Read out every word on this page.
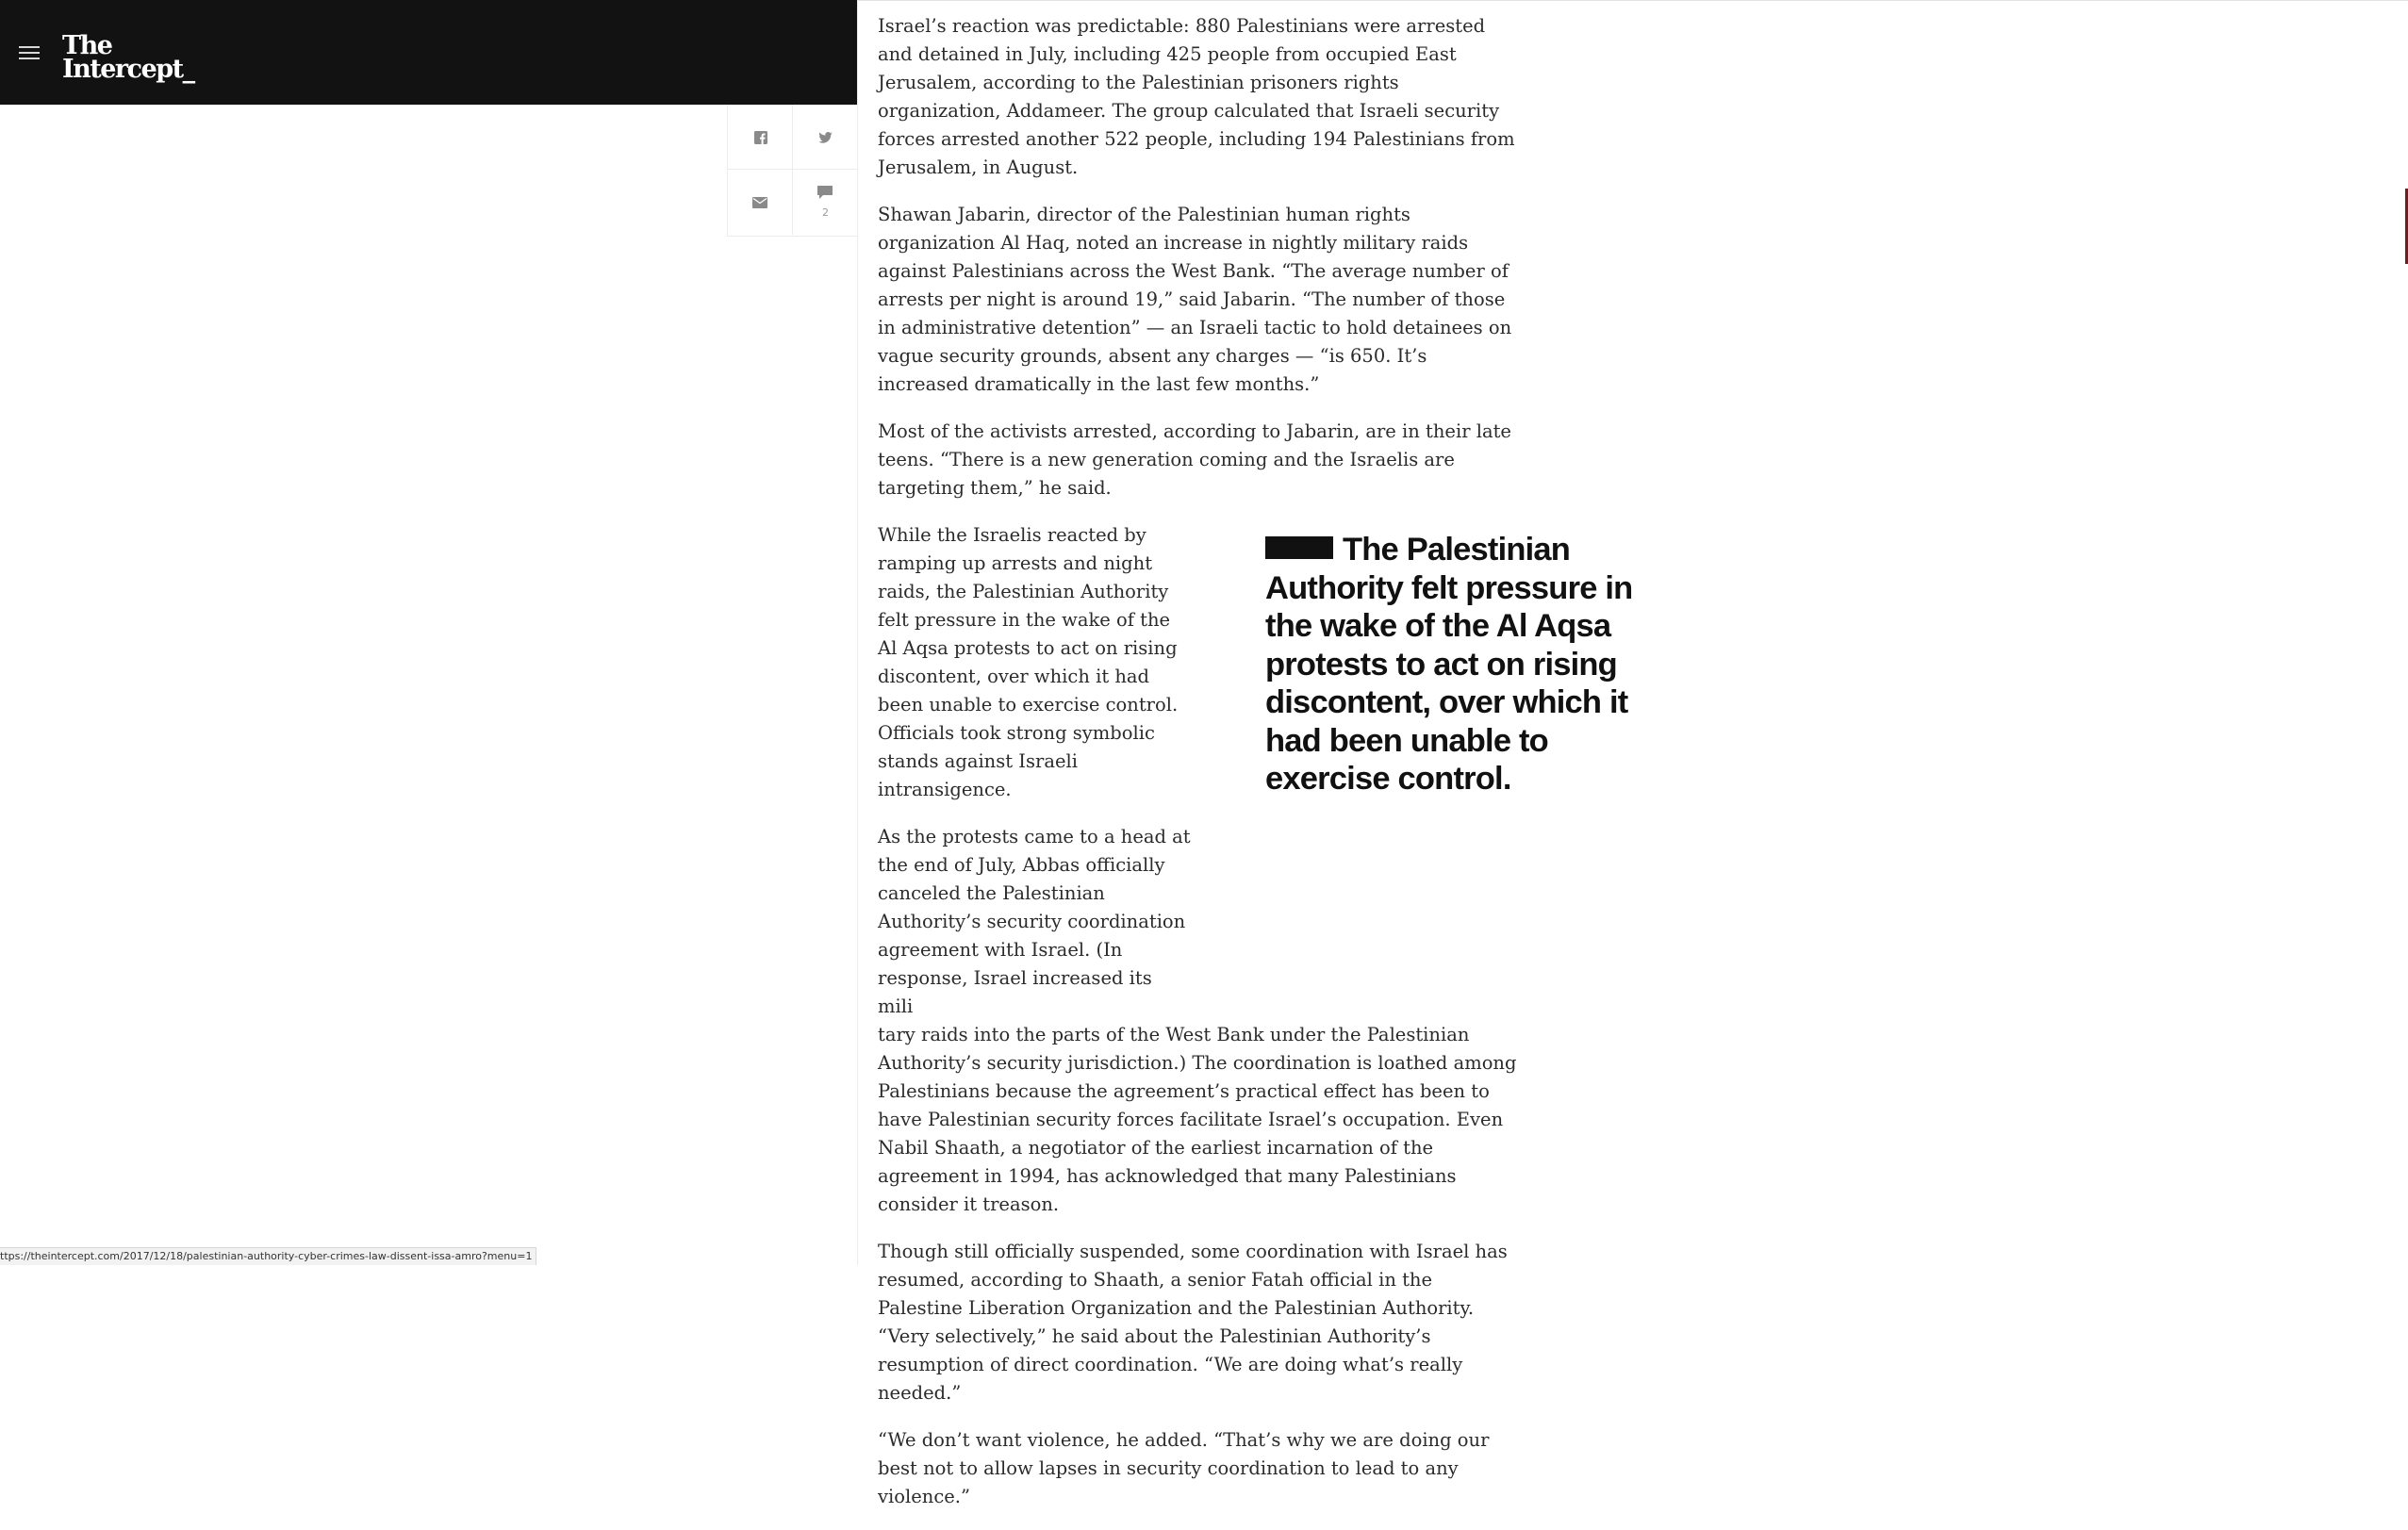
The
Intercept_
2

Israel’s reaction was predictable: 880 Palestinians were arrested and detained in July, including 425 people from occupied East Jerusalem, according to the Palestinian prisoners rights organization, Addameer. The group calculated that Israeli security forces arrested another 522 people, including 194 Palestinians from Jerusalem, in August.

Shawan Jabarin, director of the Palestinian human rights organization Al Haq, noted an increase in nightly military raids against Palestinians across the West Bank. “The average number of arrests per night is around 19,” said Jabarin. “The number of those in administrative detention” — an Israeli tactic to hold detainees on vague security grounds, absent any charges — “is 650. It’s increased dramatically in the last few months.”

Most of the activists arrested, according to Jabarin, are in their late teens. “There is a new generation coming and the Israelis are targeting them,” he said.

While the Israelis reacted by ramping up arrests and night raids, the Palestinian Authority felt pressure in the wake of the Al Aqsa protests to act on rising discontent, over which it had been unable to exercise control. Officials took strong symbolic stands against Israeli intransigence.

As the protests came to a head at the end of July, Abbas officially canceled the Palestinian Authority’s security coordination agreement with Israel. (In response, Israel increased its mili
tary raids into the parts of the West Bank under the Palestinian Authority’s security jurisdiction.) The coordination is loathed among Palestinians because the agreement’s practical effect has been to have Palestinian security forces facilitate Israel’s occupation. Even Nabil Shaath, a negotiator of the earliest incarnation of the agreement in 1994, has acknowledged that many Palestinians consider it treason.

Though still officially suspended, some coordination with Israel has resumed, according to Shaath, a senior Fatah official in the Palestine Liberation Organization and the Palestinian Authority. “Very selectively,” he said about the Palestinian Authority’s resumption of direct coordination. “We are doing what’s really needed.”

“We don’t want violence, he added. “That’s why we are doing our best not to allow lapses in security coordination to lead to any violence.”

The Palestinian Authority felt pressure in the wake of the Al Aqsa protests to act on rising discontent, over which it had been unable to exercise control.
ttps://theintercept.com/2017/12/18/palestinian-authority-cyber-crimes-law-dissent-issa-amro?menu=1
